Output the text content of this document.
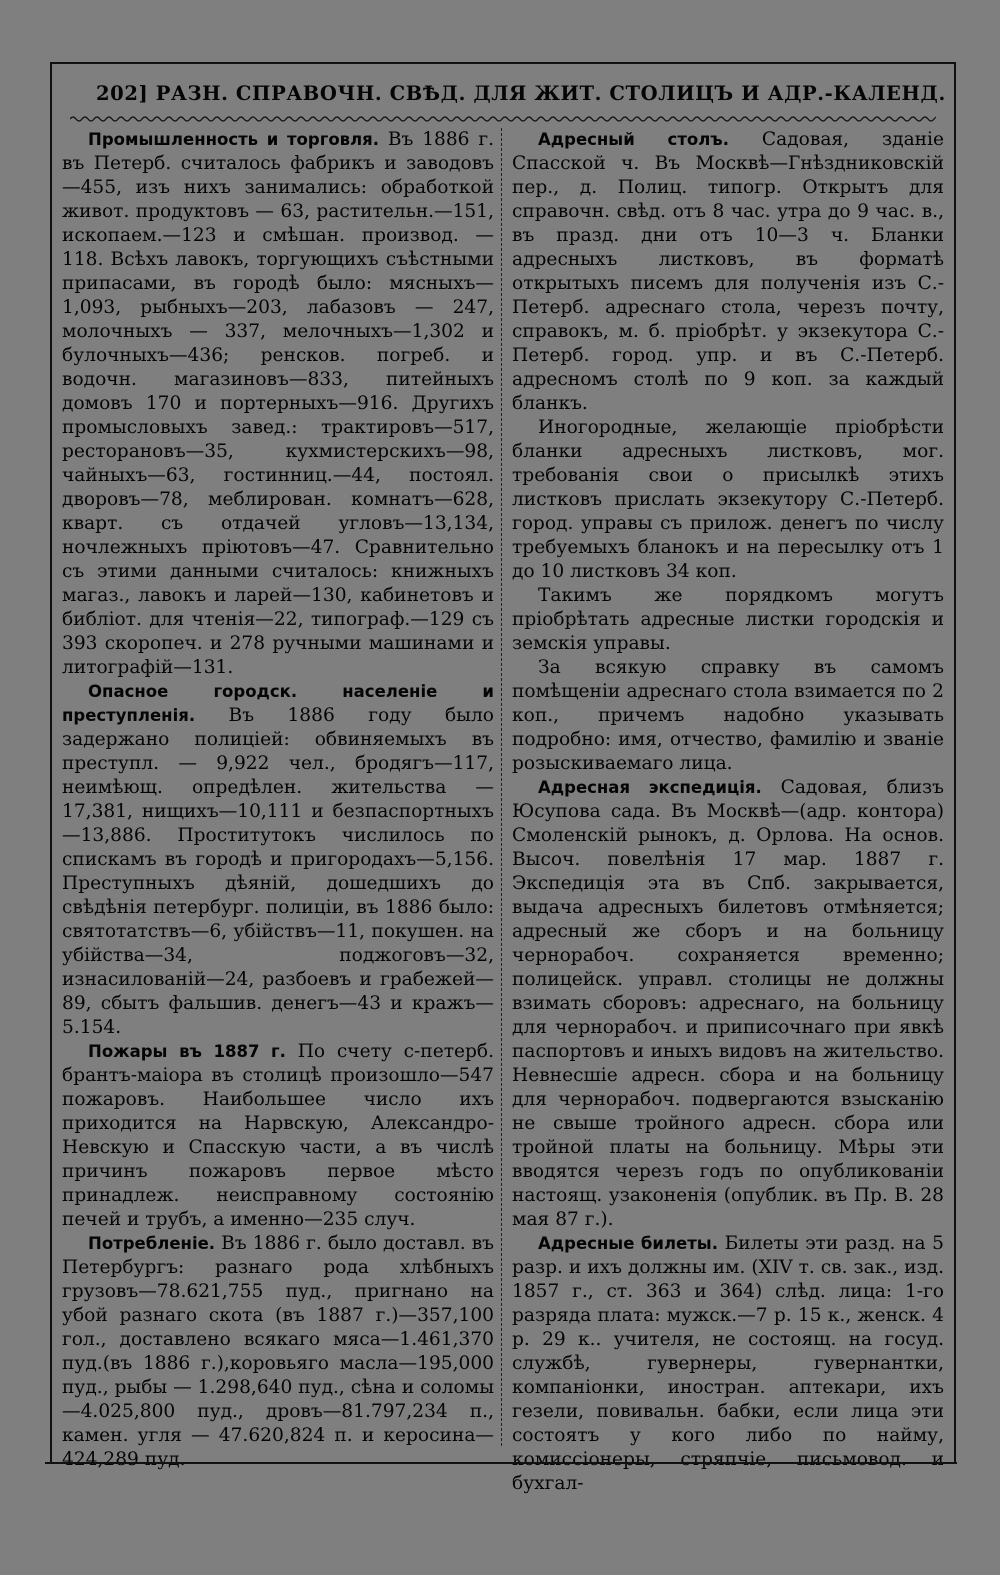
202] РАЗН. СПРАВОЧН. СВѢД. ДЛЯ ЖИТ. СТОЛИЦЪ И АДР.-КАЛЕНД.

Промышленность и торговля. Въ 1886 г. въ Петерб. считалось фабрикъ и заводовъ—455, изъ нихъ занимались: обработкой живот. продуктовъ — 63, растительн.—151, ископаем.—123 и смѣшан. производ. — 118. Всѣхъ лавокъ, торгующихъ съѣстными припасами, въ городѣ было: мясныхъ—1,093, рыбныхъ—203, лабазовъ — 247, молочныхъ — 337, мелочныхъ—1,302 и булочныхъ—436; ренсков. погреб. и водочн. магазиновъ—833, питейныхъ домовъ 170 и портерныхъ—916. Другихъ промысловыхъ завед.: трактировъ—517, ресторановъ—35, кухмистерскихъ—98, чайныхъ—63, гостинниц.—44, постоял. дворовъ—78, меблирован. комнатъ—628, кварт. съ отдачей угловъ—13,134, ночлежныхъ пріютовъ—47. Сравнительно съ этими данными считалось: книжныхъ магаз., лавокъ и ларей—130, кабинетовъ и библіот. для чтенія—22, типограф.—129 съ 393 скоропеч. и 278 ручными машинами и литографій—131.

Опасное городск. населеніе и преступленія. Въ 1886 году было задержано полиціей: обвиняемыхъ въ преступл. — 9,922 чел., бродягъ—117, неимѣющ. опредѣлен. жительства — 17,381, нищихъ—10,111 и безпаспортныхъ—13,886. Проститутокъ числилось по спискамъ въ городѣ и пригородахъ—5,156. Преступныхъ дѣяній, дошедшихъ до свѣдѣнія петербург. полиціи, въ 1886 было: святотатствъ—6, убійствъ—11, покушен. на убійства—34, поджоговъ—32, изнасилованій—24, разбоевъ и грабежей—89, сбытъ фальшив. денегъ—43 и кражъ—5.154.

Пожары въ 1887 г. По счету с-петерб. брантъ-маіора въ столицѣ произошло—547 пожаровъ. Наибольшее число ихъ приходится на Нарвскую, Александро-Невскую и Спасскую части, а въ числѣ причинъ пожаровъ первое мѣсто принадлеж. неисправному состоянію печей и трубъ, а именно—235 случ.

Потребленіе. Въ 1886 г. было доставл. въ Петербургъ: разнаго рода хлѣбныхъ грузовъ—78.621,755 пуд., пригнано на убой разнаго скота (въ 1887 г.)—357,100 гол., доставлено всякаго мяса—1.461,370 пуд.(въ 1886 г.),коровьяго масла—195,000 пуд., рыбы — 1.298,640 пуд., сѣна и соломы—4.025,800 пуд., дровъ—81.797,234 п., камен. угля — 47.620,824 п. и керосина—424,289 пуд.

Адресный столъ. Садовая, зданіе Спасской ч. Въ Москвѣ—Гнѣздниковскій пер., д. Полиц. типогр. Открытъ для справочн. свѣд. отъ 8 час. утра до 9 час. в., въ празд. дни отъ 10—3 ч. Бланки адресныхъ листковъ, въ форматѣ открытыхъ писемъ для полученія изъ С.-Петерб. адреснаго стола, черезъ почту, справокъ, м. б. пріобрѣт. у экзекутора С.-Петерб. город. упр. и въ С.-Петерб. адресномъ столѣ по 9 коп. за каждый бланкъ.

Иногородные, желающіе пріобрѣсти бланки адресныхъ листковъ, мог. требованія свои о присылкѣ этихъ листковъ прислать экзекутору С.-Петерб. город. управы съ прилож. денегъ по числу требуемыхъ бланокъ и на пересылку отъ 1 до 10 листковъ 34 коп.

Такимъ же порядкомъ могутъ пріобрѣтать адресные листки городскія и земскія управы.

За всякую справку въ самомъ помѣщеніи адреснаго стола взимается по 2 коп., причемъ надобно указывать подробно: имя, отчество, фамилію и званіе розыскиваемаго лица.

Адресная экспедиція. Садовая, близъ Юсупова сада. Въ Москвѣ—(адр. контора) Смоленскій рынокъ, д. Орлова. На основ. Высоч. повелѣнія 17 мар. 1887 г. Экспедиція эта въ Спб. закрывается, выдача адресныхъ билетовъ отмѣняется; адресный же сборъ и на больницу чернорабоч. сохраняется временно; полицейск. управл. столицы не должны взимать сборовъ: адреснаго, на больницу для чернорабоч. и приписочнаго при явкѣ паспортовъ и иныхъ видовъ на жительство. Невнесшіе адресн. сбора и на больницу для чернорабоч. подвергаются взысканію не свыше тройного адресн. сбора или тройной платы на больницу. Мѣры эти вводятся черезъ годъ по опубликованіи настоящ. узаконенія (опублик. въ Пр. В. 28 мая 87 г.).

Адресные билеты. Билеты эти разд. на 5 разр. и ихъ должны им. (XIV т. св. зак., изд. 1857 г., ст. 363 и 364) слѣд. лица: 1-го разряда плата: мужск.—7 р. 15 к., женск. 4 р. 29 к.. учителя, не состоящ. на госуд. службѣ, гувернеры, гувернантки, компаніонки, иностран. аптекари, ихъ гезели, повивальн. бабки, если лица эти состоятъ у кого либо по найму, комиссіонеры, стряпчіе, письмовод. и бухгал-
